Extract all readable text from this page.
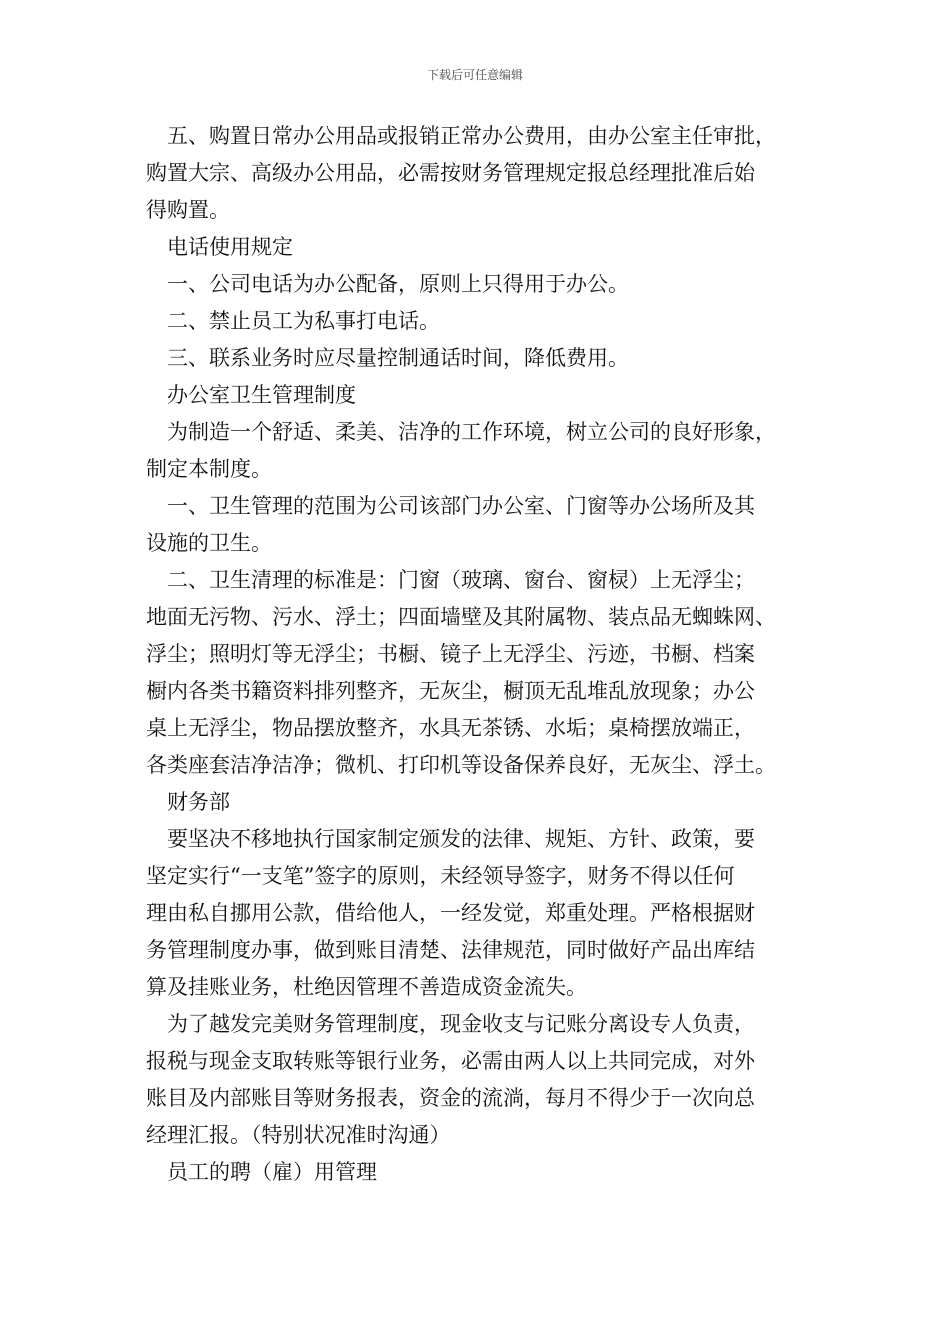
下载后可任意编辑

五、购置日常办公用品或报销正常办公费用，由办公室主任审批，

购置大宗、高级办公用品，必需按财务管理规定报总经理批准后始

得购置。

电话使用规定

一、公司电话为办公配备，原则上只得用于办公。

二、禁止员工为私事打电话。

三、联系业务时应尽量控制通话时间，降低费用。

办公室卫生管理制度

为制造一个舒适、柔美、洁净的工作环境，树立公司的良好形象，

制定本制度。

一、卫生管理的范围为公司该部门办公室、门窗等办公场所及其

设施的卫生。

二、卫生清理的标准是：门窗（玻璃、窗台、窗棂）上无浮尘；

地面无污物、污水、浮土；四面墙壁及其附属物、装点品无蜘蛛网、

浮尘；照明灯等无浮尘；书橱、镜子上无浮尘、污迹，书橱、档案

橱内各类书籍资料排列整齐，无灰尘，橱顶无乱堆乱放现象；办公

桌上无浮尘，物品摆放整齐，水具无茶锈、水垢；桌椅摆放端正，

各类座套洁净洁净；微机、打印机等设备保养良好，无灰尘、浮土。

财务部

要坚决不移地执行国家制定颁发的法律、规矩、方针、政策，要

坚定实行“一支笔”签字的原则，未经领导签字，财务不得以任何

理由私自挪用公款，借给他人，一经发觉，郑重处理。严格根据财

务管理制度办事，做到账目清楚、法律规范，同时做好产品出库结

算及挂账业务，杜绝因管理不善造成资金流失。

为了越发完美财务管理制度，现金收支与记账分离设专人负责，

报税与现金支取转账等银行业务，必需由两人以上共同完成，对外

账目及内部账目等财务报表，资金的流淌，每月不得少于一次向总

经理汇报。（特别状况准时沟通）

员工的聘（雇）用管理
